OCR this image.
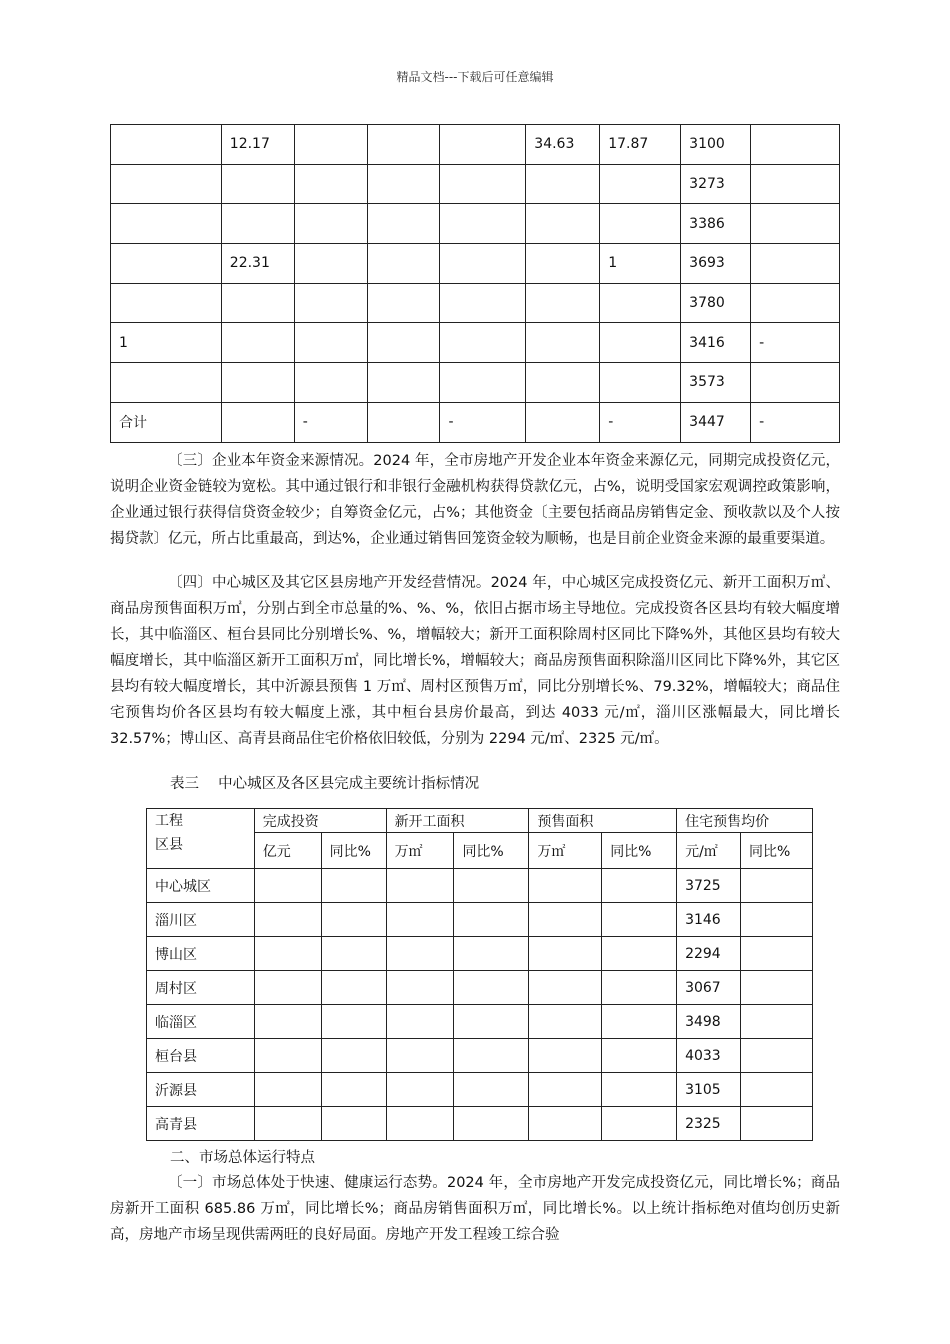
精品文档---下载后可任意编辑
	12.17				34.63	17.87	3100	
							3273	
							3386	
	22.31					1	3693	
							3780	
1							3416	-
							3573	
合计		-		-		-	3447	-

〔三〕企业本年资金来源情况。2024 年，全市房地产开发企业本年资金来源亿元，同期完成投资亿元，说明企业资金链较为宽松。其中通过银行和非银行金融机构获得贷款亿元，占%，说明受国家宏观调控政策影响，企业通过银行获得信贷资金较少；自筹资金亿元，占%；其他资金〔主要包括商品房销售定金、预收款以及个人按揭贷款〕亿元，所占比重最高，到达%，企业通过销售回笼资金较为顺畅，也是目前企业资金来源的最重要渠道。

〔四〕中心城区及其它区县房地产开发经营情况。2024 年，中心城区完成投资亿元、新开工面积万㎡、商品房预售面积万㎡，分别占到全市总量的%、%、%，依旧占据市场主导地位。完成投资各区县均有较大幅度增长，其中临淄区、桓台县同比分别增长%、%，增幅较大；新开工面积除周村区同比下降%外，其他区县均有较大幅度增长，其中临淄区新开工面积万㎡，同比增长%，增幅较大；商品房预售面积除淄川区同比下降%外，其它区县均有较大幅度增长，其中沂源县预售 1 万㎡、周村区预售万㎡，同比分别增长%、79.32%，增幅较大；商品住宅预售均价各区县均有较大幅度上涨，其中桓台县房价最高，到达 4033 元/㎡，淄川区涨幅最大，同比增长 32.57%；博山区、高青县商品住宅价格依旧较低，分别为 2294 元/㎡、2325 元/㎡。

表三　 中心城区及各区县完成主要统计指标情况
工程
区县	完成投资		新开工面积		预售面积		住宅预售均价	
	亿元	同比%	万㎡	同比%	万㎡	同比%	元/㎡	同比%
中心城区							3725	
淄川区							3146	
博山区							2294	
周村区							3067	
临淄区							3498	
桓台县							4033	
沂源县							3105	
高青县							2325	
二、市场总体运行特点

〔一〕市场总体处于快速、健康运行态势。2024 年，全市房地产开发完成投资亿元，同比增长%；商品房新开工面积 685.86 万㎡，同比增长%；商品房销售面积万㎡，同比增长%。以上统计指标绝对值均创历史新高，房地产市场呈现供需两旺的良好局面。房地产开发工程竣工综合验
